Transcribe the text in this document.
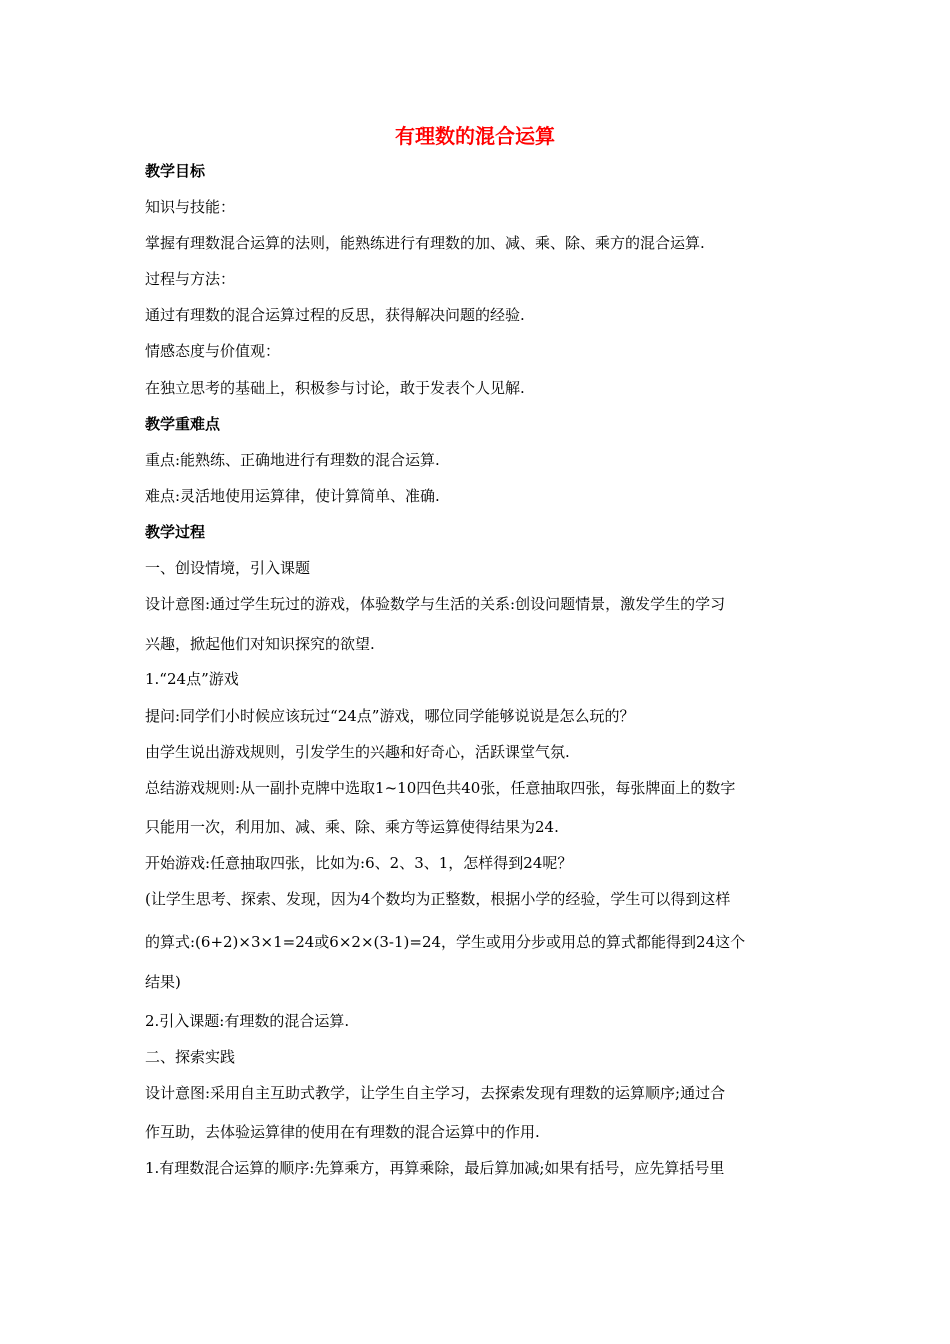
有理数的混合运算
教学目标
知识与技能：
掌握有理数混合运算的法则，能熟练进行有理数的加、减、乘、除、乘方的混合运算.
过程与方法：
通过有理数的混合运算过程的反思，获得解决问题的经验.
情感态度与价值观：
在独立思考的基础上，积极参与讨论，敢于发表个人见解.
教学重难点
重点:能熟练、正确地进行有理数的混合运算.
难点:灵活地使用运算律，使计算简单、准确.
教学过程
一、创设情境，引入课题
设计意图:通过学生玩过的游戏，体验数学与生活的关系:创设问题情景，激发学生的学习
兴趣，掀起他们对知识探究的欲望.
1.“24点”游戏
提问:同学们小时候应该玩过“24点”游戏，哪位同学能够说说是怎么玩的？
由学生说出游戏规则，引发学生的兴趣和好奇心，活跃课堂气氛.
总结游戏规则:从一副扑克牌中选取1~10四色共40张，任意抽取四张，每张牌面上的数字
只能用一次，利用加、减、乘、除、乘方等运算使得结果为24.
开始游戏:任意抽取四张，比如为:6、2、3、1，怎样得到24呢？
(让学生思考、探索、发现，因为4个数均为正整数，根据小学的经验，学生可以得到这样
的算式:(6+2)×3×1=24或6×2×(3-1)=24，学生或用分步或用总的算式都能得到24这个
结果)
2.引入课题:有理数的混合运算.
二、探索实践
设计意图:采用自主互助式教学，让学生自主学习，去探索发现有理数的运算顺序;通过合
作互助，去体验运算律的使用在有理数的混合运算中的作用.
1.有理数混合运算的顺序:先算乘方，再算乘除，最后算加减;如果有括号，应先算括号里
